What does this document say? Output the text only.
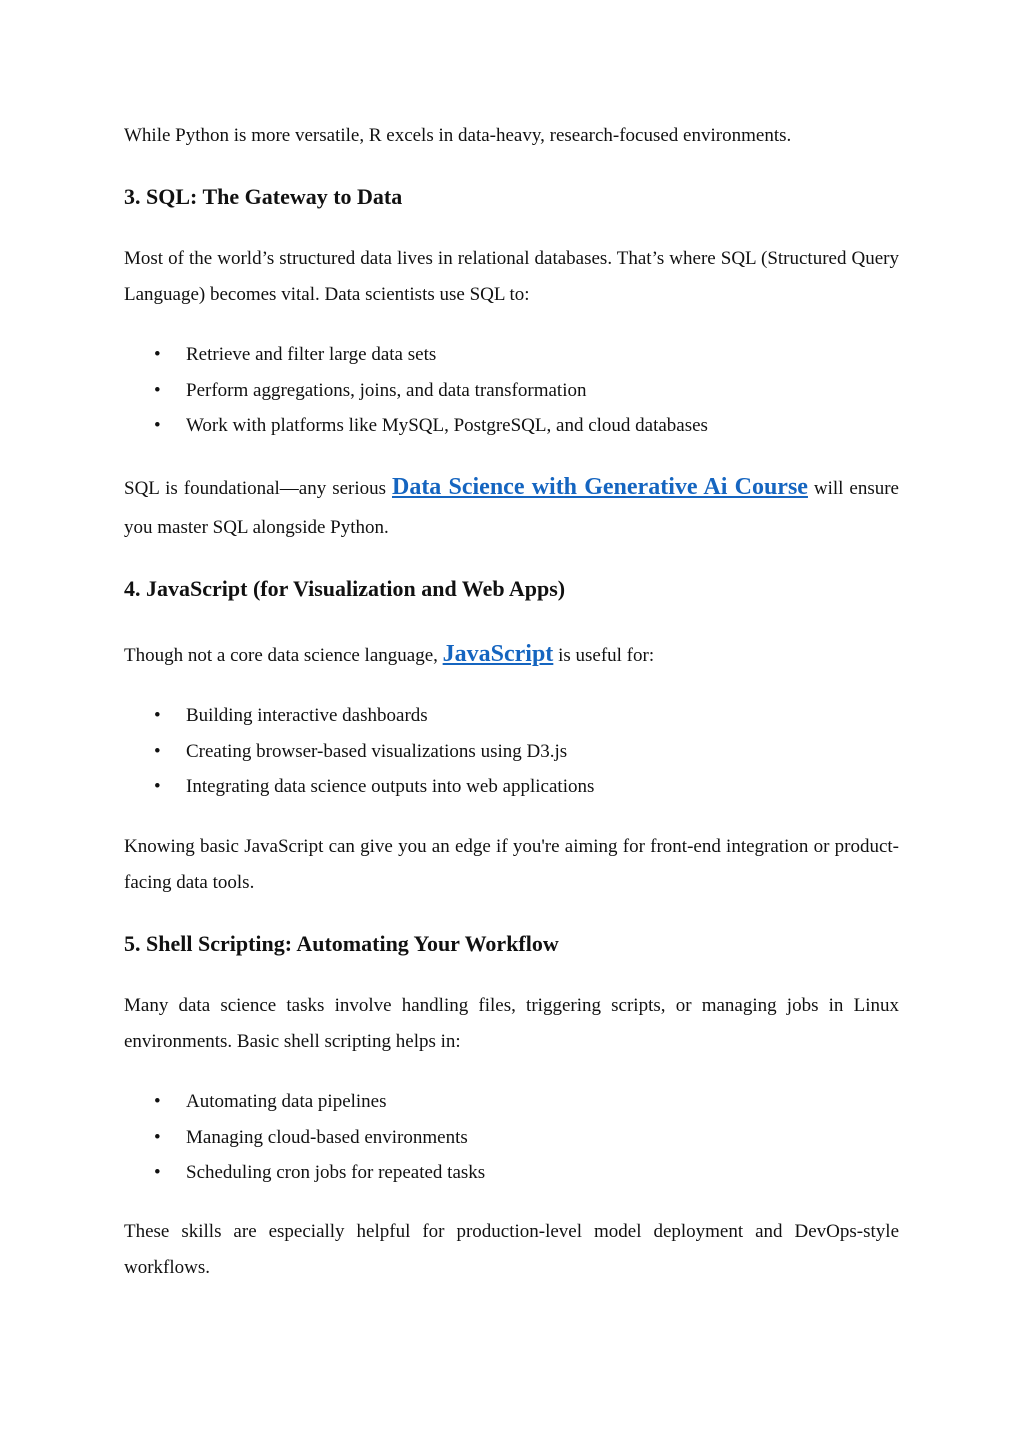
While Python is more versatile, R excels in data-heavy, research-focused environments.

3. SQL: The Gateway to Data

Most of the world’s structured data lives in relational databases. That’s where SQL (Structured Query Language) becomes vital. Data scientists use SQL to:

• Retrieve and filter large data sets
• Perform aggregations, joins, and data transformation
• Work with platforms like MySQL, PostgreSQL, and cloud databases

SQL is foundational—any serious Data Science with Generative Ai Course will ensure you master SQL alongside Python.

4. JavaScript (for Visualization and Web Apps)

Though not a core data science language, JavaScript is useful for:

• Building interactive dashboards
• Creating browser-based visualizations using D3.js
• Integrating data science outputs into web applications

Knowing basic JavaScript can give you an edge if you're aiming for front-end integration or product-facing data tools.

5. Shell Scripting: Automating Your Workflow

Many data science tasks involve handling files, triggering scripts, or managing jobs in Linux environments. Basic shell scripting helps in:

• Automating data pipelines
• Managing cloud-based environments
• Scheduling cron jobs for repeated tasks

These skills are especially helpful for production-level model deployment and DevOps-style workflows.
